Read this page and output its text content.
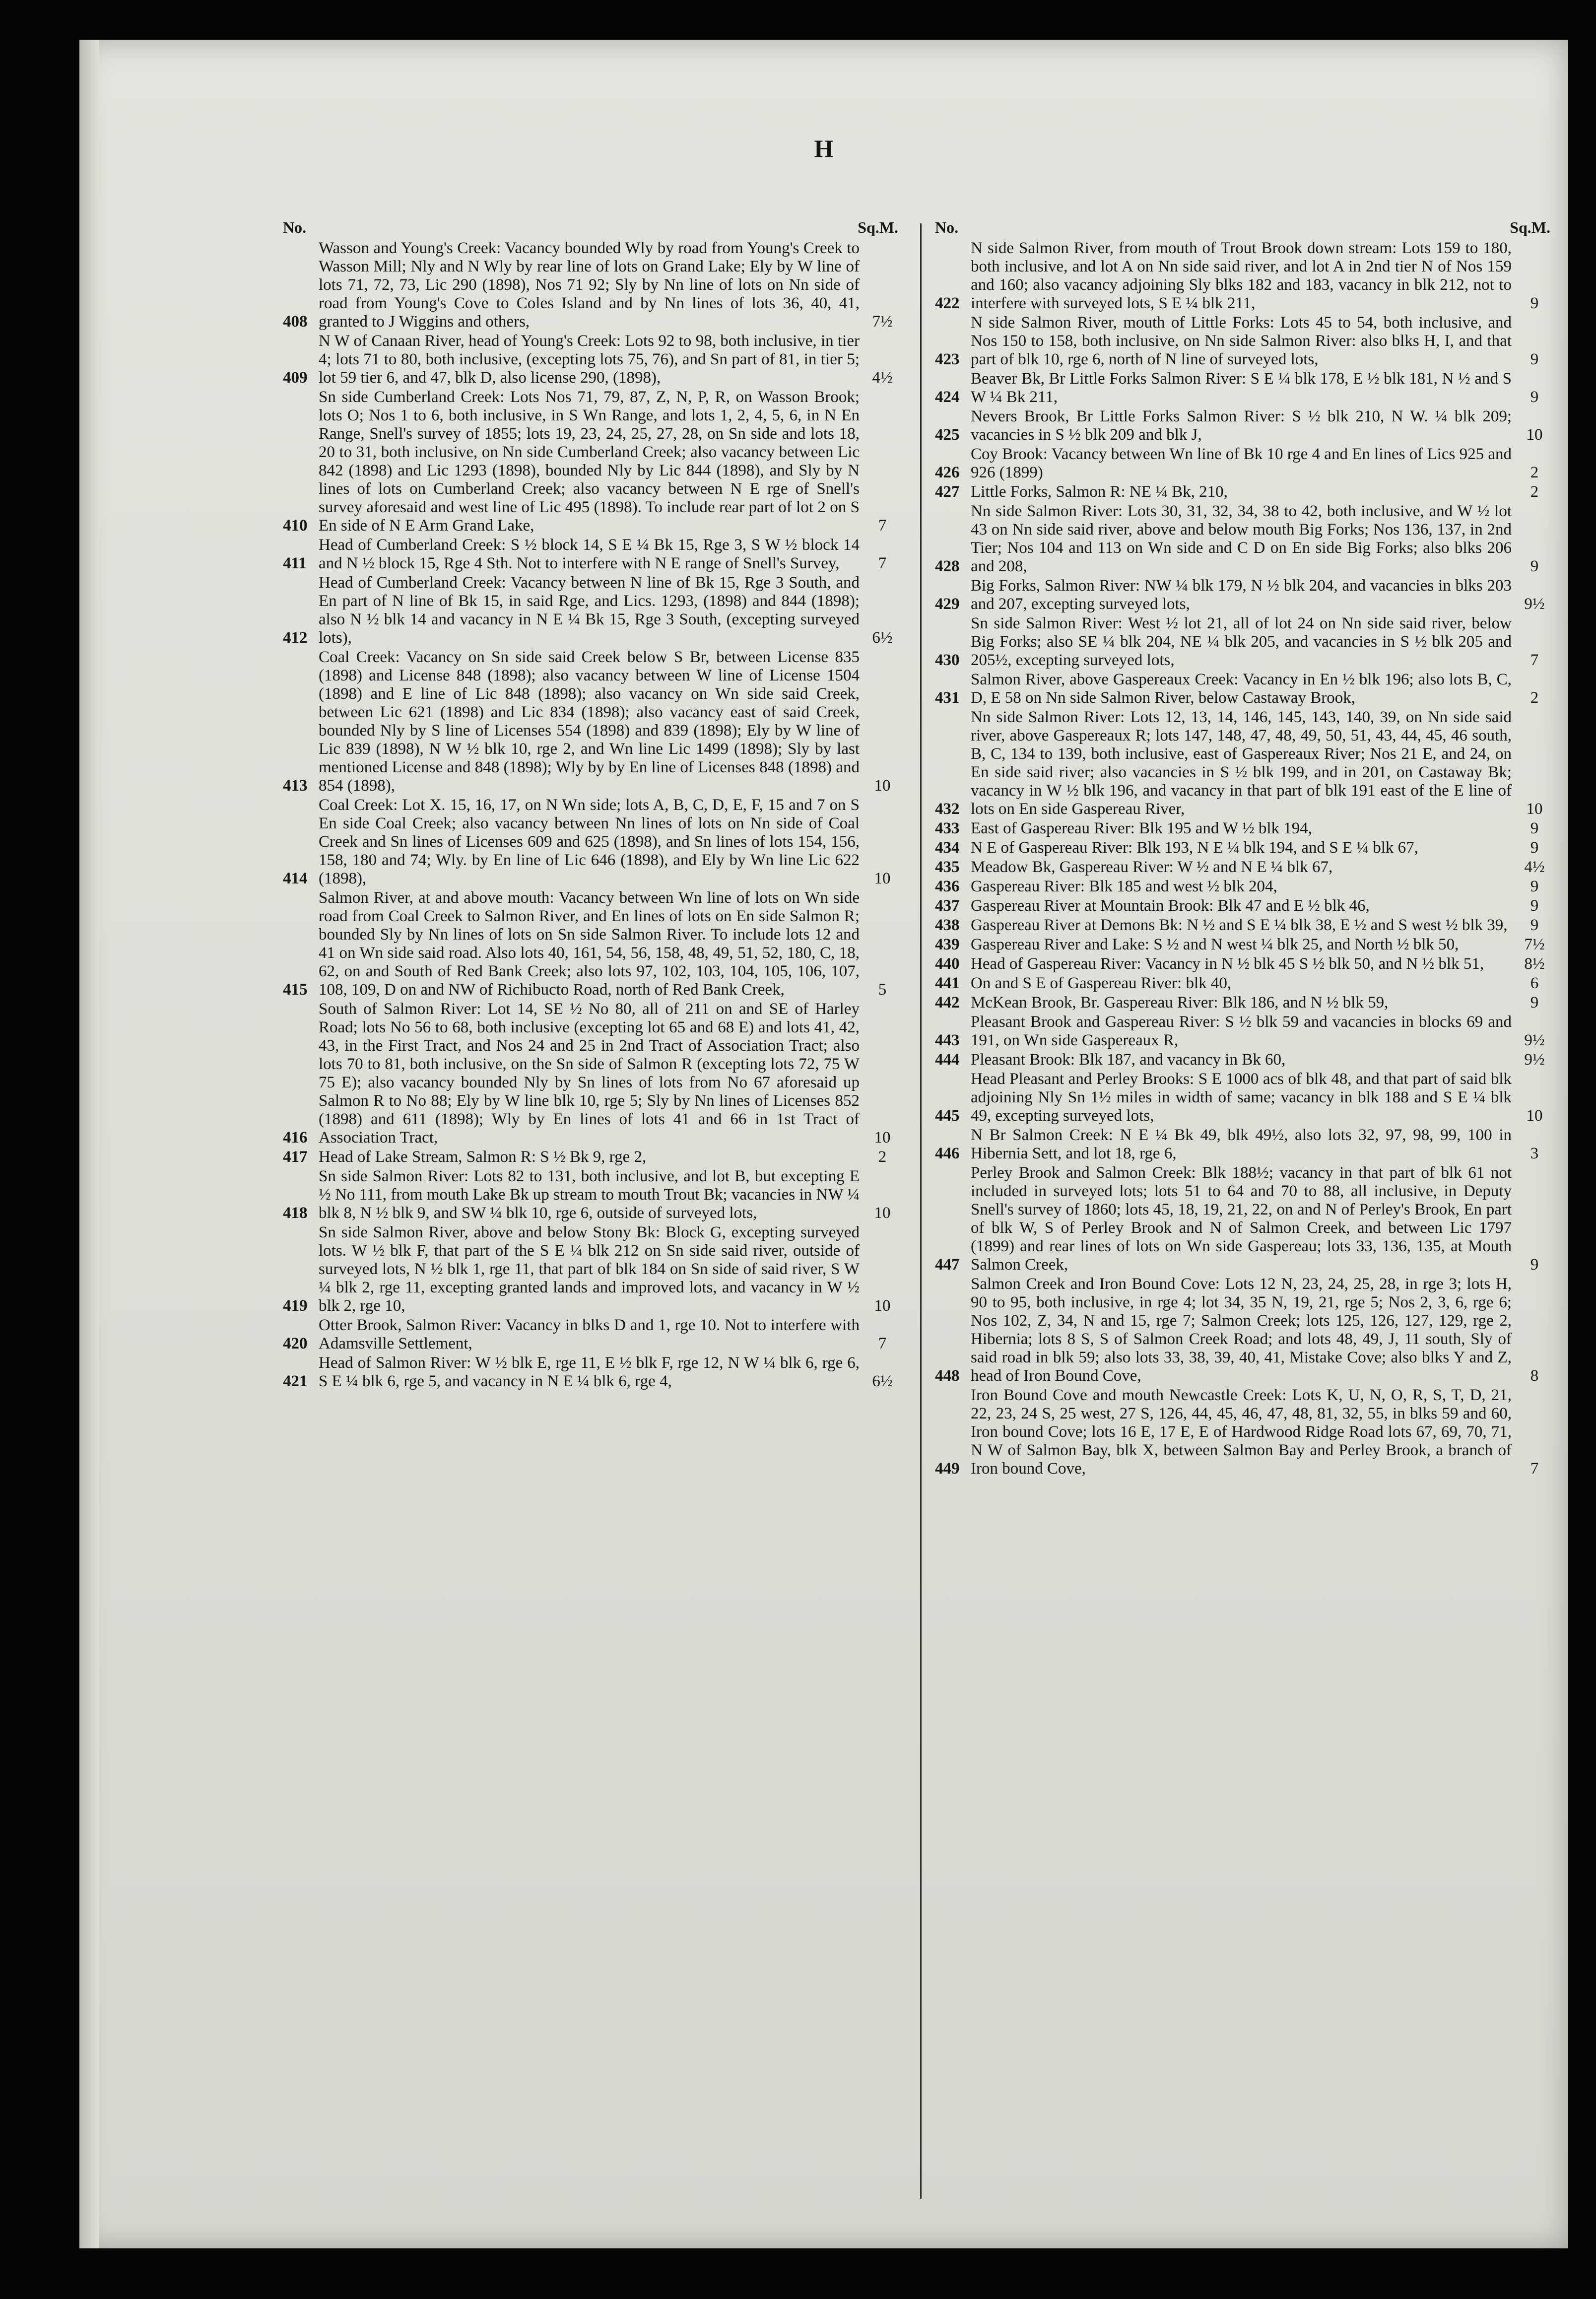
H
No.	Sq.M.
408
Wasson and Young's Creek: Vacancy bounded Wly by road from Young's Creek to Wasson Mill; Nly and N Wly by rear line of lots on Grand Lake; Ely by W line of lots 71, 72, 73, Lic 290 (1898), Nos 71 92; Sly by Nn line of lots on Nn side of road from Young's Cove to Coles Island and by Nn lines of lots 36, 40, 41, granted to J Wiggins and others,	7½
409
N W of Canaan River, head of Young's Creek: Lots 92 to 98, both inclusive, in tier 4; lots 71 to 80, both inclusive, (excepting lots 75, 76), and Sn part of 81, in tier 5; lot 59 tier 6, and 47, blk D, also license 290, (1898),	4½
410
Sn side Cumberland Creek: Lots Nos 71, 79, 87, Z, N, P, R, on Wasson Brook; lots O; Nos 1 to 6, both inclusive, in S Wn Range, and lots 1, 2, 4, 5, 6, in N En Range, Snell's survey of 1855; lots 19, 23, 24, 25, 27, 28, on Sn side and lots 18, 20 to 31, both inclusive, on Nn side Cumberland Creek; also vacancy between Lic 842 (1898) and Lic 1293 (1898), bounded Nly by Lic 844 (1898), and Sly by N lines of lots on Cumberland Creek; also vacancy between N E rge of Snell's survey aforesaid and west line of Lic 495 (1898). To include rear part of lot 2 on S En side of N E Arm Grand Lake,	7
411
Head of Cumberland Creek: S ½ block 14, S E ¼ Bk 15, Rge 3, S W ½ block 14 and N ½ block 15, Rge 4 Sth. Not to interfere with N E range of Snell's Survey,	7
412
Head of Cumberland Creek: Vacancy between N line of Bk 15, Rge 3 South, and En part of N line of Bk 15, in said Rge, and Lics. 1293, (1898) and 844 (1898); also N ½ blk 14 and vacancy in N E ¼ Bk 15, Rge 3 South, (excepting surveyed lots),	6½
413
Coal Creek: Vacancy on Sn side said Creek below S Br, between License 835 (1898) and License 848 (1898); also vacancy between W line of License 1504 (1898) and E line of Lic 848 (1898); also vacancy on Wn side said Creek, between Lic 621 (1898) and Lic 834 (1898); also vacancy east of said Creek, bounded Nly by S line of Licenses 554 (1898) and 839 (1898); Ely by W line of Lic 839 (1898), N W ½ blk 10, rge 2, and Wn line Lic 1499 (1898); Sly by last mentioned License and 848 (1898); Wly by by En line of Licenses 848 (1898) and 854 (1898),	10
414
Coal Creek: Lot X. 15, 16, 17, on N Wn side; lots A, B, C, D, E, F, 15 and 7 on S En side Coal Creek; also vacancy between Nn lines of lots on Nn side of Coal Creek and Sn lines of Licenses 609 and 625 (1898), and Sn lines of lots 154, 156, 158, 180 and 74; Wly. by En line of Lic 646 (1898), and Ely by Wn line Lic 622 (1898),	10
415
Salmon River, at and above mouth: Vacancy between Wn line of lots on Wn side road from Coal Creek to Salmon River, and En lines of lots on En side Salmon R; bounded Sly by Nn lines of lots on Sn side Salmon River. To include lots 12 and 41 on Wn side said road. Also lots 40, 161, 54, 56, 158, 48, 49, 51, 52, 180, C, 18, 62, on and South of Red Bank Creek; also lots 97, 102, 103, 104, 105, 106, 107, 108, 109, D on and NW of Richibucto Road, north of Red Bank Creek,	5
416
South of Salmon River: Lot 14, SE ½ No 80, all of 211 on and SE of Harley Road; lots No 56 to 68, both inclusive (excepting lot 65 and 68 E) and lots 41, 42, 43, in the First Tract, and Nos 24 and 25 in 2nd Tract of Association Tract; also lots 70 to 81, both inclusive, on the Sn side of Salmon R (excepting lots 72, 75 W 75 E); also vacancy bounded Nly by Sn lines of lots from No 67 aforesaid up Salmon R to No 88; Ely by W line blk 10, rge 5; Sly by Nn lines of Licenses 852 (1898) and 611 (1898); Wly by En lines of lots 41 and 66 in 1st Tract of Association Tract,	10
417 Head of Lake Stream, Salmon R: S ½ Bk 9, rge 2,	2
418
Sn side Salmon River: Lots 82 to 131, both inclusive, and lot B, but excepting E ½ No 111, from mouth Lake Bk up stream to mouth Trout Bk; vacancies in NW ¼ blk 8, N ½ blk 9, and SW ¼ blk 10, rge 6, outside of surveyed lots,	10
419
Sn side Salmon River, above and below Stony Bk: Block G, excepting surveyed lots. W ½ blk F, that part of the S E ¼ blk 212 on Sn side said river, outside of surveyed lots, N ½ blk 1, rge 11, that part of blk 184 on Sn side of said river, S W ¼ blk 2, rge 11, excepting granted lands and improved lots, and vacancy in W ½ blk 2, rge 10,	10
420
Otter Brook, Salmon River: Vacancy in blks D and 1, rge 10. Not to interfere with Adamsville Settlement,	7
421
Head of Salmon River: W ½ blk E, rge 11, E ½ blk F, rge 12, N W ¼ blk 6, rge 6, S E ¼ blk 6, rge 5, and vacancy in N E ¼ blk 6, rge 4,	6½
No.	Sq.M.
422
N side Salmon River, from mouth of Trout Brook down stream: Lots 159 to 180, both inclusive, and lot A on Nn side said river, and lot A in 2nd tier N of Nos 159 and 160; also vacancy adjoining Sly blks 182 and 183, vacancy in blk 212, not to interfere with surveyed lots, S E ¼ blk 211,	9
423
N side Salmon River, mouth of Little Forks: Lots 45 to 54, both inclusive, and Nos 150 to 158, both inclusive, on Nn side Salmon River: also blks H, I, and that part of blk 10, rge 6, north of N line of surveyed lots,	9
424
Beaver Bk, Br Little Forks Salmon River: S E ¼ blk 178, E ½ blk 181, N ½ and S W ¼ Bk 211,	9
425
Nevers Brook, Br Little Forks Salmon River: S ½ blk 210, N W. ¼ blk 209; vacancies in S ½ blk 209 and blk J,	10
426
Coy Brook: Vacancy between Wn line of Bk 10 rge 4 and En lines of Lics 925 and 926 (1899)	2
427 Little Forks, Salmon R: NE ¼ Bk, 210,	2
428
Nn side Salmon River: Lots 30, 31, 32, 34, 38 to 42, both inclusive, and W ½ lot 43 on Nn side said river, above and below mouth Big Forks; Nos 136, 137, in 2nd Tier; Nos 104 and 113 on Wn side and C D on En side Big Forks; also blks 206 and 208,	9
429
Big Forks, Salmon River: NW ¼ blk 179, N ½ blk 204, and vacancies in blks 203 and 207, excepting surveyed lots,	9½
430
Sn side Salmon River: West ½ lot 21, all of lot 24 on Nn side said river, below Big Forks; also SE ¼ blk 204, NE ¼ blk 205, and vacancies in S ½ blk 205 and 205½, excepting surveyed lots,	7
431
Salmon River, above Gaspereaux Creek: Vacancy in En ½ blk 196; also lots B, C, D, E 58 on Nn side Salmon River, below Castaway Brook,	2
432
Nn side Salmon River: Lots 12, 13, 14, 146, 145, 143, 140, 39, on Nn side said river, above Gaspereaux R; lots 147, 148, 47, 48, 49, 50, 51, 43, 44, 45, 46 south, B, C, 134 to 139, both inclusive, east of Gaspereaux River; Nos 21 E, and 24, on En side said river; also vacancies in S ½ blk 199, and in 201, on Castaway Bk; vacancy in W ½ blk 196, and vacancy in that part of blk 191 east of the E line of lots on En side Gaspereau River,	10
433 East of Gaspereau River: Blk 195 and W ½ blk 194,	9
434 N E of Gaspereau River: Blk 193, N E ¼ blk 194, and S E ¼ blk 67,	9
435 Meadow Bk, Gaspereau River: W ½ and N E ¼ blk 67,	4½
436 Gaspereau River: Blk 185 and west ½ blk 204,	9
437 Gaspereau River at Mountain Brook: Blk 47 and E ½ blk 46,	9
438 Gaspereau River at Demons Bk: N ½ and S E ¼ blk 38, E ½ and S west ½ blk 39,	9
439 Gaspereau River and Lake: S ½ and N west ¼ blk 25, and North ½ blk 50,	7½
440 Head of Gaspereau River: Vacancy in N ½ blk 45 S ½ blk 50, and N ½ blk 51,	8½
441 On and S E of Gaspereau River: blk 40,	6
442 McKean Brook, Br. Gaspereau River: Blk 186, and N ½ blk 59,	9
443
Pleasant Brook and Gaspereau River: S ½ blk 59 and vacancies in blocks 69 and 191, on Wn side Gaspereaux R,	9½
444 Pleasant Brook: Blk 187, and vacancy in Bk 60,	9½
445
Head Pleasant and Perley Brooks: S E 1000 acs of blk 48, and that part of said blk adjoining Nly Sn 1½ miles in width of same; vacancy in blk 188 and S E ¼ blk 49, excepting surveyed lots,	10
446
N Br Salmon Creek: N E ¼ Bk 49, blk 49½, also lots 32, 97, 98, 99, 100 in Hibernia Sett, and lot 18, rge 6,	3
447
Perley Brook and Salmon Creek: Blk 188½; vacancy in that part of blk 61 not included in surveyed lots; lots 51 to 64 and 70 to 88, all inclusive, in Deputy Snell's survey of 1860; lots 45, 18, 19, 21, 22, on and N of Perley's Brook, En part of blk W, S of Perley Brook and N of Salmon Creek, and between Lic 1797 (1899) and rear lines of lots on Wn side Gaspereau; lots 33, 136, 135, at Mouth Salmon Creek,	9
448
Salmon Creek and Iron Bound Cove: Lots 12 N, 23, 24, 25, 28, in rge 3; lots H, 90 to 95, both inclusive, in rge 4; lot 34, 35 N, 19, 21, rge 5; Nos 2, 3, 6, rge 6; Nos 102, Z, 34, N and 15, rge 7; Salmon Creek; lots 125, 126, 127, 129, rge 2, Hibernia; lots 8 S, S of Salmon Creek Road; and lots 48, 49, J, 11 south, Sly of said road in blk 59; also lots 33, 38, 39, 40, 41, Mistake Cove; also blks Y and Z, head of Iron Bound Cove,	8
449
Iron Bound Cove and mouth Newcastle Creek: Lots K, U, N, O, R, S, T, D, 21, 22, 23, 24 S, 25 west, 27 S, 126, 44, 45, 46, 47, 48, 81, 32, 55, in blks 59 and 60, Iron bound Cove; lots 16 E, 17 E, E of Hardwood Ridge Road lots 67, 69, 70, 71, N W of Salmon Bay, blk X, between Salmon Bay and Perley Brook, a branch of Iron bound Cove,	7
